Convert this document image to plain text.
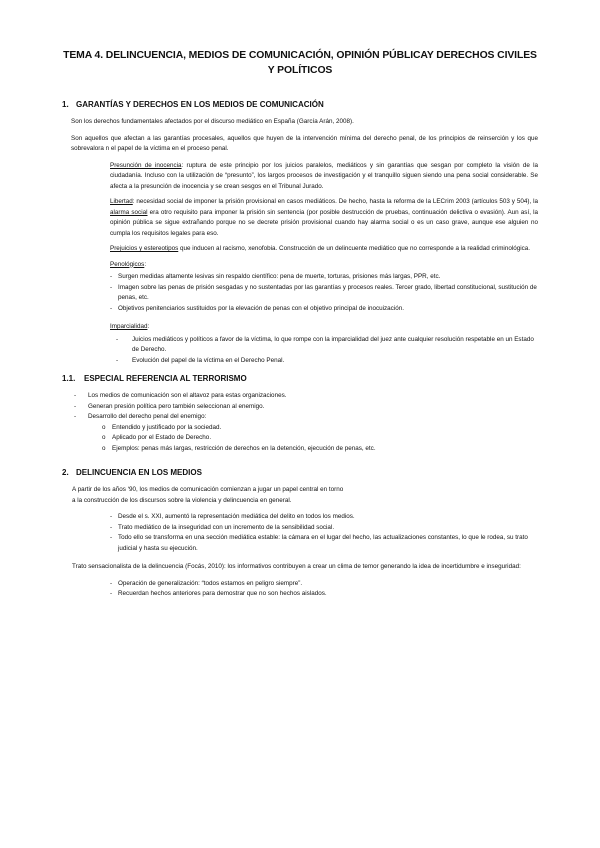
TEMA 4. DELINCUENCIA, MEDIOS DE COMUNICACIÓN, OPINIÓN PÚBLICAY DERECHOS CIVILES
Y POLÍTICOS
1. GARANTÍAS Y DERECHOS EN LOS MEDIOS DE COMUNICACIÓN

Son los derechos fundamentales afectados por el discurso mediático en España (García Arán, 2008).

Son aquellos que afectan a las garantías procesales, aquellos que huyen de la intervención mínima del derecho penal, de los principios de reinserción y los que sobrevalora n el papel de la víctima en el proceso penal.

Presunción de inocencia: ruptura de este principio por los juicios paralelos, mediáticos y sin garantías que sesgan por completo la visión de la ciudadanía. Incluso con la utilización de “presunto”, los largos procesos de investigación y el tranquillo siguen siendo una pena social considerable. Se afecta a la presunción de inocencia y se crean sesgos en el Tribunal Jurado.

Libertad: necesidad social de imponer la prisión provisional en casos mediáticos. De hecho, hasta la reforma de la LECrim 2003 (artículos 503 y 504), la alarma social era otro requisito para imponer la prisión sin sentencia (por posible destrucción de pruebas, continuación delictiva o evasión). Aun así, la opinión pública se sigue extrañando porque no se decrete prisión provisional cuando hay alarma social o es un caso grave, aunque ese alguien no cumpla los requisitos legales para eso.

Prejuicios y estereotipos que inducen al racismo, xenofobia. Construcción de un delincuente mediático que no corresponde a la realidad criminológica.

Penológicos:

- Surgen medidas altamente lesivas sin respaldo científico: pena de muerte, torturas, prisiones más largas, PPR, etc.
- Imagen sobre las penas de prisión sesgadas y no sustentadas por las garantías y procesos reales. Tercer grado, libertad constitucional, sustitución de penas, etc.
- Objetivos penitenciarios sustituidos por la elevación de penas con el objetivo principal de inocuización.

Imparcialidad:

- Juicios mediáticos y políticos a favor de la víctima, lo que rompe con la imparcialidad del juez ante cualquier resolución respetable en un Estado de Derecho.
- Evolución del papel de la víctima en el Derecho Penal.
1.1. ESPECIAL REFERENCIA AL TERRORISMO
- Los medios de comunicación son el altavoz para estas organizaciones.
- Generan presión política pero también seleccionan al enemigo.
- Desarrollo del derecho penal del enemigo:
o Entendido y justificado por la sociedad.
o Aplicado por el Estado de Derecho.
o Ejemplos: penas más largas, restricción de derechos en la detención, ejecución de penas, etc.
2. DELINCUENCIA EN LOS MEDIOS

A partir de los años ‘90, los medios de comunicación comienzan a jugar un papel central en torno

a la construcción de los discursos sobre la violencia y delincuencia en general.

- Desde el s. XXI, aumentó la representación mediática del delito en todos los medios.
- Trato mediático de la inseguridad con un incremento de la sensibilidad social.
- Todo ello se transforma en una sección mediática estable: la cámara en el lugar del hecho, las actualizaciones constantes, lo que le rodea, su trato judicial y hasta su ejecución.

Trato sensacionalista de la delincuencia (Focás, 2010): los informativos contribuyen a crear un clima de temor generando la idea de incertidumbre e inseguridad:

- Operación de generalización: “todos estamos en peligro siempre”.
- Recuerdan hechos anteriores para demostrar que no son hechos aislados.
